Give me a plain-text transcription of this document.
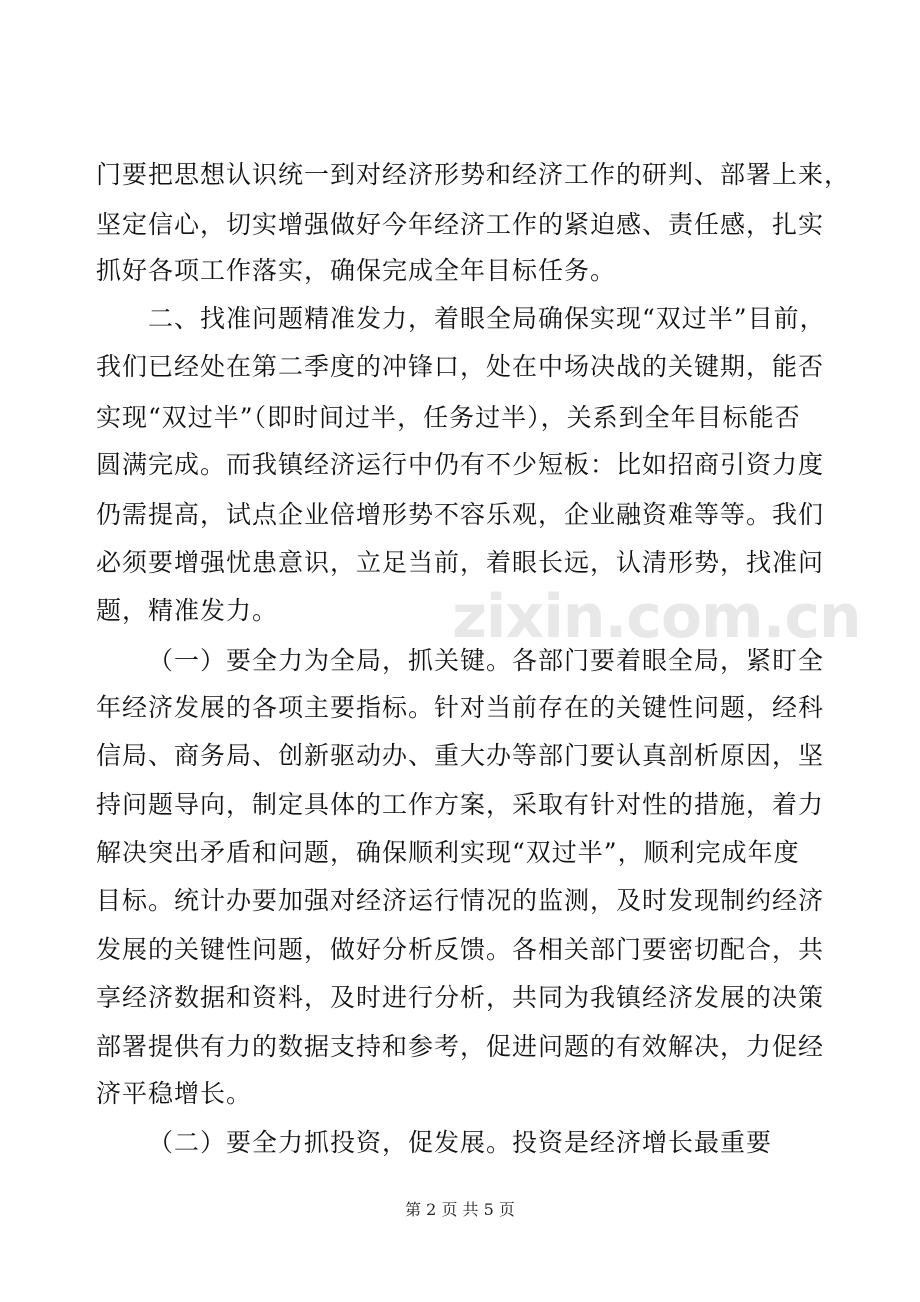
门要把思想认识统一到对经济形势和经济工作的研判、部署上来，
坚定信心，切实增强做好今年经济工作的紧迫感、责任感，扎实
抓好各项工作落实，确保完成全年目标任务。
二、找准问题精准发力，着眼全局确保实现“双过半”目前，
我们已经处在第二季度的冲锋口，处在中场决战的关键期，能否
实现“双过半”（即时间过半，任务过半），关系到全年目标能否
圆满完成。而我镇经济运行中仍有不少短板：比如招商引资力度
仍需提高，试点企业倍增形势不容乐观，企业融资难等等。我们
必须要增强忧患意识，立足当前，着眼长远，认清形势，找准问
题，精准发力。	zixin.com.cn
（一）要全力为全局，抓关键。各部门要着眼全局，紧盯全
年经济发展的各项主要指标。针对当前存在的关键性问题，经科
信局、商务局、创新驱动办、重大办等部门要认真剖析原因，坚
持问题导向，制定具体的工作方案，采取有针对性的措施，着力
解决突出矛盾和问题，确保顺利实现“双过半”，顺利完成年度
目标。统计办要加强对经济运行情况的监测，及时发现制约经济
发展的关键性问题，做好分析反馈。各相关部门要密切配合，共
享经济数据和资料，及时进行分析，共同为我镇经济发展的决策
部署提供有力的数据支持和参考，促进问题的有效解决，力促经
济平稳增长。
（二）要全力抓投资，促发展。投资是经济增长最重要
第 2 页 共 5 页
